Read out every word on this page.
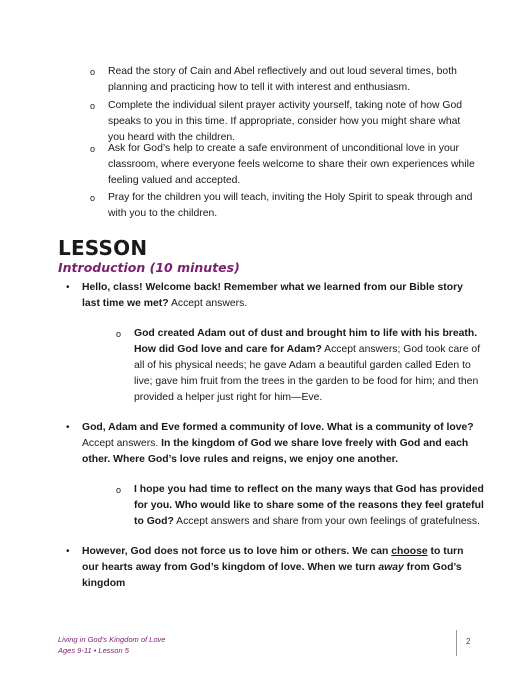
o Read the story of Cain and Abel reflectively and out loud several times, both planning and practicing how to tell it with interest and enthusiasm.
o Complete the individual silent prayer activity yourself, taking note of how God speaks to you in this time. If appropriate, consider how you might share what you heard with the children.
o Ask for God’s help to create a safe environment of unconditional love in your classroom, where everyone feels welcome to share their own experiences while feeling valued and accepted.
o Pray for the children you will teach, inviting the Holy Spirit to speak through and with you to the children.
LESSON
Introduction (10 minutes)
• Hello, class! Welcome back! Remember what we learned from our Bible story last time we met? Accept answers.
o God created Adam out of dust and brought him to life with his breath. How did God love and care for Adam? Accept answers; God took care of all of his physical needs; he gave Adam a beautiful garden called Eden to live; gave him fruit from the trees in the garden to be food for him; and then provided a helper just right for him—Eve.
• God, Adam and Eve formed a community of love. What is a community of love? Accept answers. In the kingdom of God we share love freely with God and each other. Where God’s love rules and reigns, we enjoy one another.
o I hope you had time to reflect on the many ways that God has provided for you. Who would like to share some of the reasons they feel grateful to God? Accept answers and share from your own feelings of gratefulness.
• However, God does not force us to love him or others. We can choose to turn our hearts away from God’s kingdom of love. When we turn away from God’s kingdom
Living in God’s Kingdom of Love
Ages 9-11 • Lesson 5
2
